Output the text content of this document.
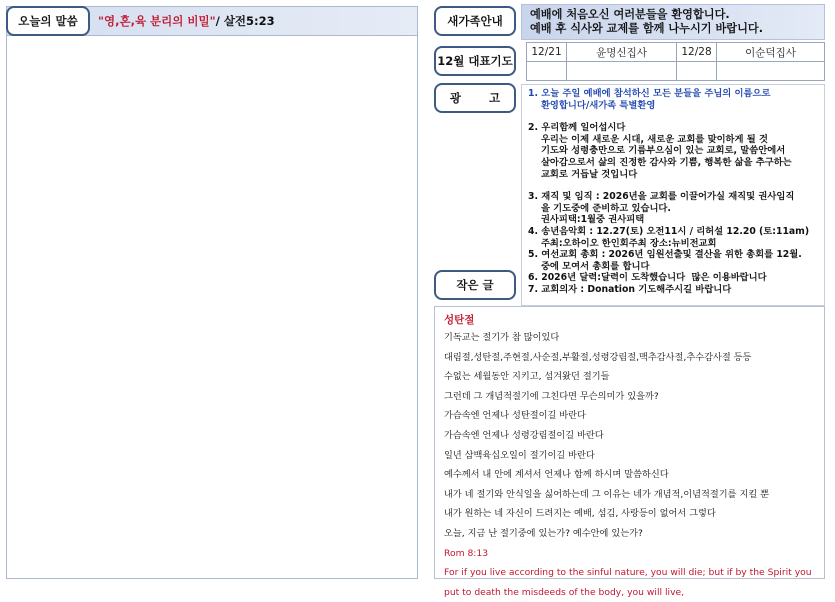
오늘의 말씀	"영,혼,육 분리의 비밀"/ 살전5:23	새가족안내	예배에 처음오신 여러분들을 환영합니다.
예배 후 식사와 교제를 함께 나누시기 바랍니다.
12월 대표기도
12/21	윤명신집사	12/28	이순덕집사

광 고
작은 글
1. 오늘 주일 예배에 참석하신 모든 분들을 주님의 이름으로
환영합니다/새가족 특별환영
2. 우리함께 일어섭시다
우리는 이제 새로운 시대, 새로운 교회를 맞이하게 될 것
기도와 성령충만으로 기름부으심이 있는 교회로, 말씀안에서
살아감으로서 삶의 진정한 감사와 기쁨, 행복한 삶을 추구하는
교회로 거듭날 것입니다
3. 재직 및 임직 : 2026년을 교회를 이끌어가실 재직및 권사임직
을 기도중에 준비하고 있습니다.
권사피택:1월중 권사피택
4. 송년음악회 : 12.27(토) 오전11시 / 리허설 12.20 (토:11am)
주최:오하이오 한인회주최 장소:뉴비전교회
5. 여선교회 총회 : 2026년 임원선출및 결산을 위한 총회를 12월.
중에 모여서 총회를 합니다
6. 2026년 달력:달력이 도착했습니다  많은 이용바랍니다
7. 교회의자 : Donation 기도해주시길 바랍니다
성탄절
기독교는 절기가 참 많이있다
대림절,성탄절,주현절,사순절,부활절,성령강림절,맥추감사절,추수감사절 등등
수없는 세월동안 지키고, 섬겨왔던 절기들
그런데 그 개념적절기에 그친다면 무슨의미가 있을까?
가슴속엔 언제나 성탄절이길 바란다
가슴속엔 언제나 성령강림절이길 바란다
일년 삼백육십오일이 절기이길 바란다
예수께서 내 안에 계셔서 언제나 함께 하시며 말씀하신다
내가 네 절기와 안식일을 싫어하는데 그 이유는 네가 개념적,이념적절기를 지킬 뿐
내가 원하는 네 자신이 드려지는 예배, 섬김, 사랑등이 없어서 그렇다
오늘, 지금 난 절기중에 있는가? 예수안에 있는가?
Rom 8:13
For if you live according to the sinful nature, you will die; but if by the Spirit you
put to death the misdeeds of the body, you will live,
